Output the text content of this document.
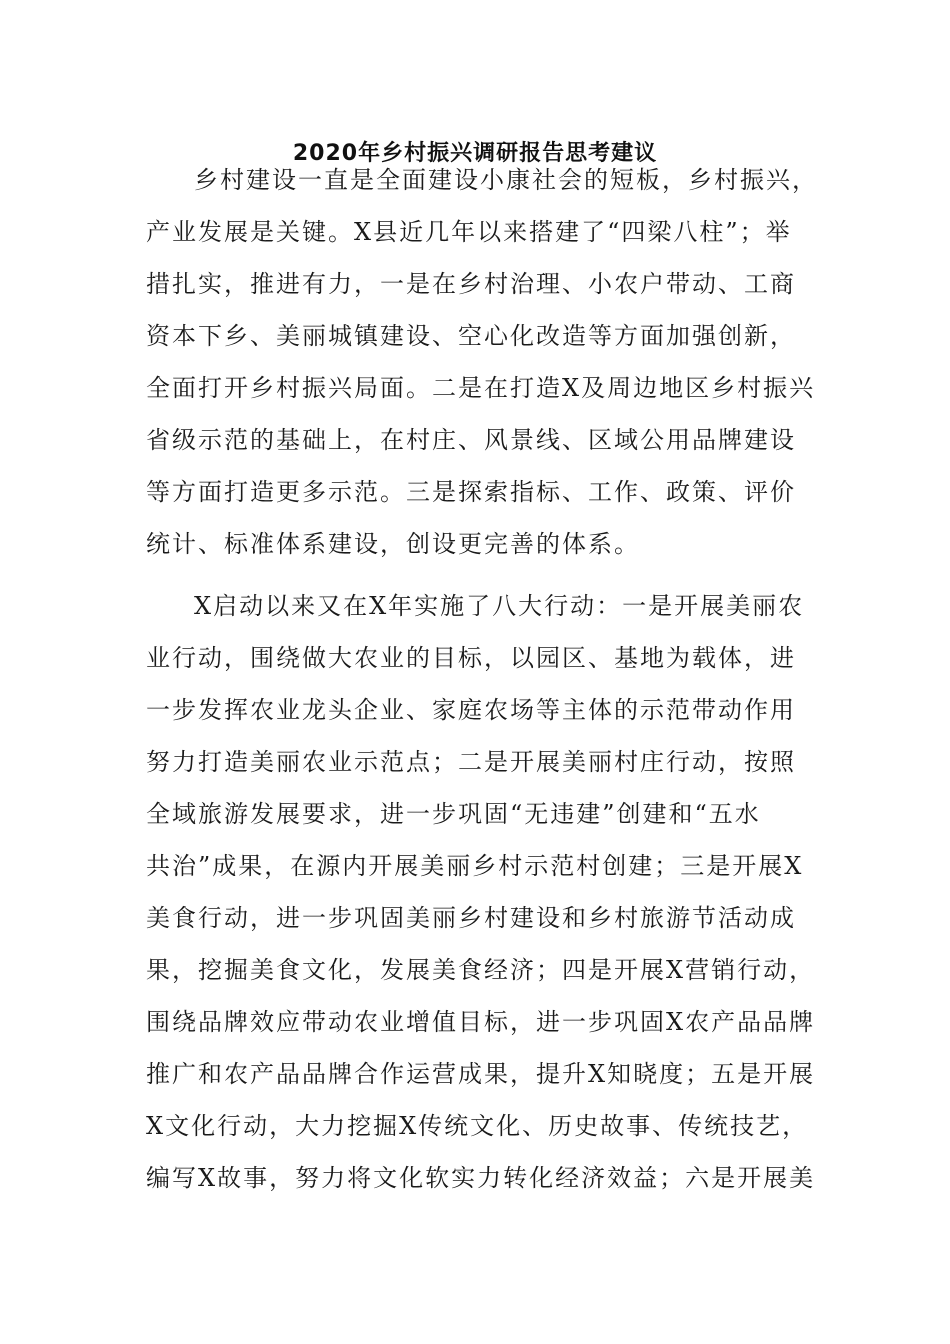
2020年乡村振兴调研报告思考建议
乡村建设一直是全面建设小康社会的短板，乡村振兴，
产业发展是关键。X县近几年以来搭建了“四梁八柱”；举
措扎实，推进有力，一是在乡村治理、小农户带动、工商
资本下乡、美丽城镇建设、空心化改造等方面加强创新，
全面打开乡村振兴局面。二是在打造X及周边地区乡村振兴
省级示范的基础上，在村庄、风景线、区域公用品牌建设
等方面打造更多示范。三是探索指标、工作、政策、评价
统计、标准体系建设，创设更完善的体系。
X启动以来又在X年实施了八大行动：一是开展美丽农
业行动，围绕做大农业的目标，以园区、基地为载体，进
一步发挥农业龙头企业、家庭农场等主体的示范带动作用
努力打造美丽农业示范点；二是开展美丽村庄行动，按照
全域旅游发展要求，进一步巩固“无违建”创建和“五水
共治”成果，在源内开展美丽乡村示范村创建；三是开展X
美食行动，进一步巩固美丽乡村建设和乡村旅游节活动成
果，挖掘美食文化，发展美食经济；四是开展X营销行动，
围绕品牌效应带动农业增值目标，进一步巩固X农产品品牌
推广和农产品品牌合作运营成果，提升X知晓度；五是开展
X文化行动，大力挖掘X传统文化、历史故事、传统技艺，
编写X故事，努力将文化软实力转化经济效益；六是开展美
